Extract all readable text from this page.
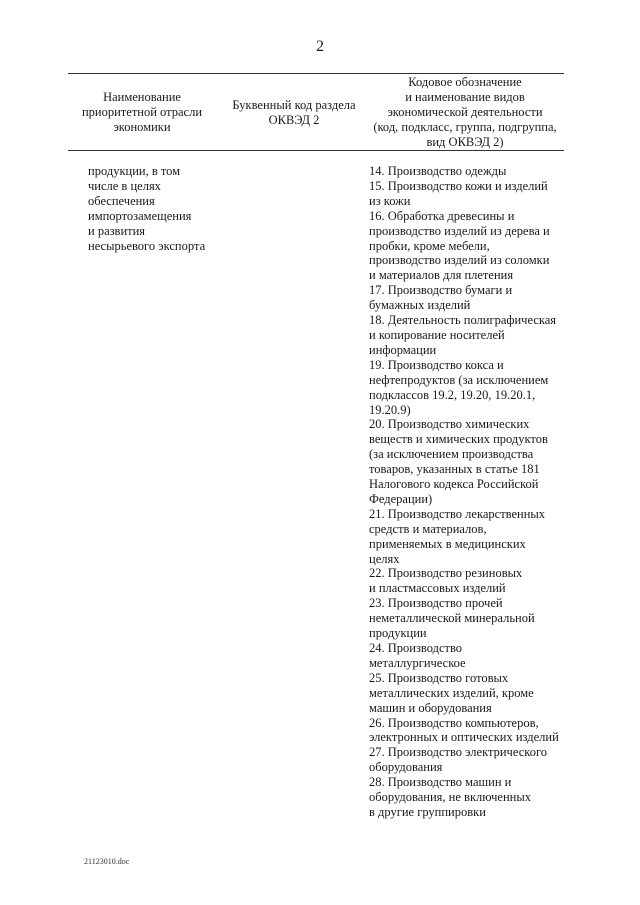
2
Наименование
приоритетной отрасли
экономики
Буквенный код раздела
ОКВЭД 2
Кодовое обозначение
и наименование видов
экономической деятельности
(код, подкласс, группа, подгруппа,
вид ОКВЭД 2)
продукции, в том
числе в целях
обеспечения
импортозамещения
и развития
несырьевого экспорта
14. Производство одежды
15. Производство кожи и изделий
из кожи
16. Обработка древесины и
производство изделий из дерева и
пробки, кроме мебели,
производство изделий из соломки
и материалов для плетения
17. Производство бумаги и
бумажных изделий
18. Деятельность полиграфическая
и копирование носителей
информации
19. Производство кокса и
нефтепродуктов (за исключением
подклассов 19.2, 19.20, 19.20.1,
19.20.9)
20. Производство химических
веществ и химических продуктов
(за исключением производства
товаров, указанных в статье 181
Налогового кодекса Российской
Федерации)
21. Производство лекарственных
средств и материалов,
применяемых в медицинских
целях
22. Производство резиновых
и пластмассовых изделий
23. Производство прочей
неметаллической минеральной
продукции
24. Производство
металлургическое
25. Производство готовых
металлических изделий, кроме
машин и оборудования
26. Производство компьютеров,
электронных и оптических изделий
27. Производство электрического
оборудования
28. Производство машин и
оборудования, не включенных
в другие группировки
21123010.doc
